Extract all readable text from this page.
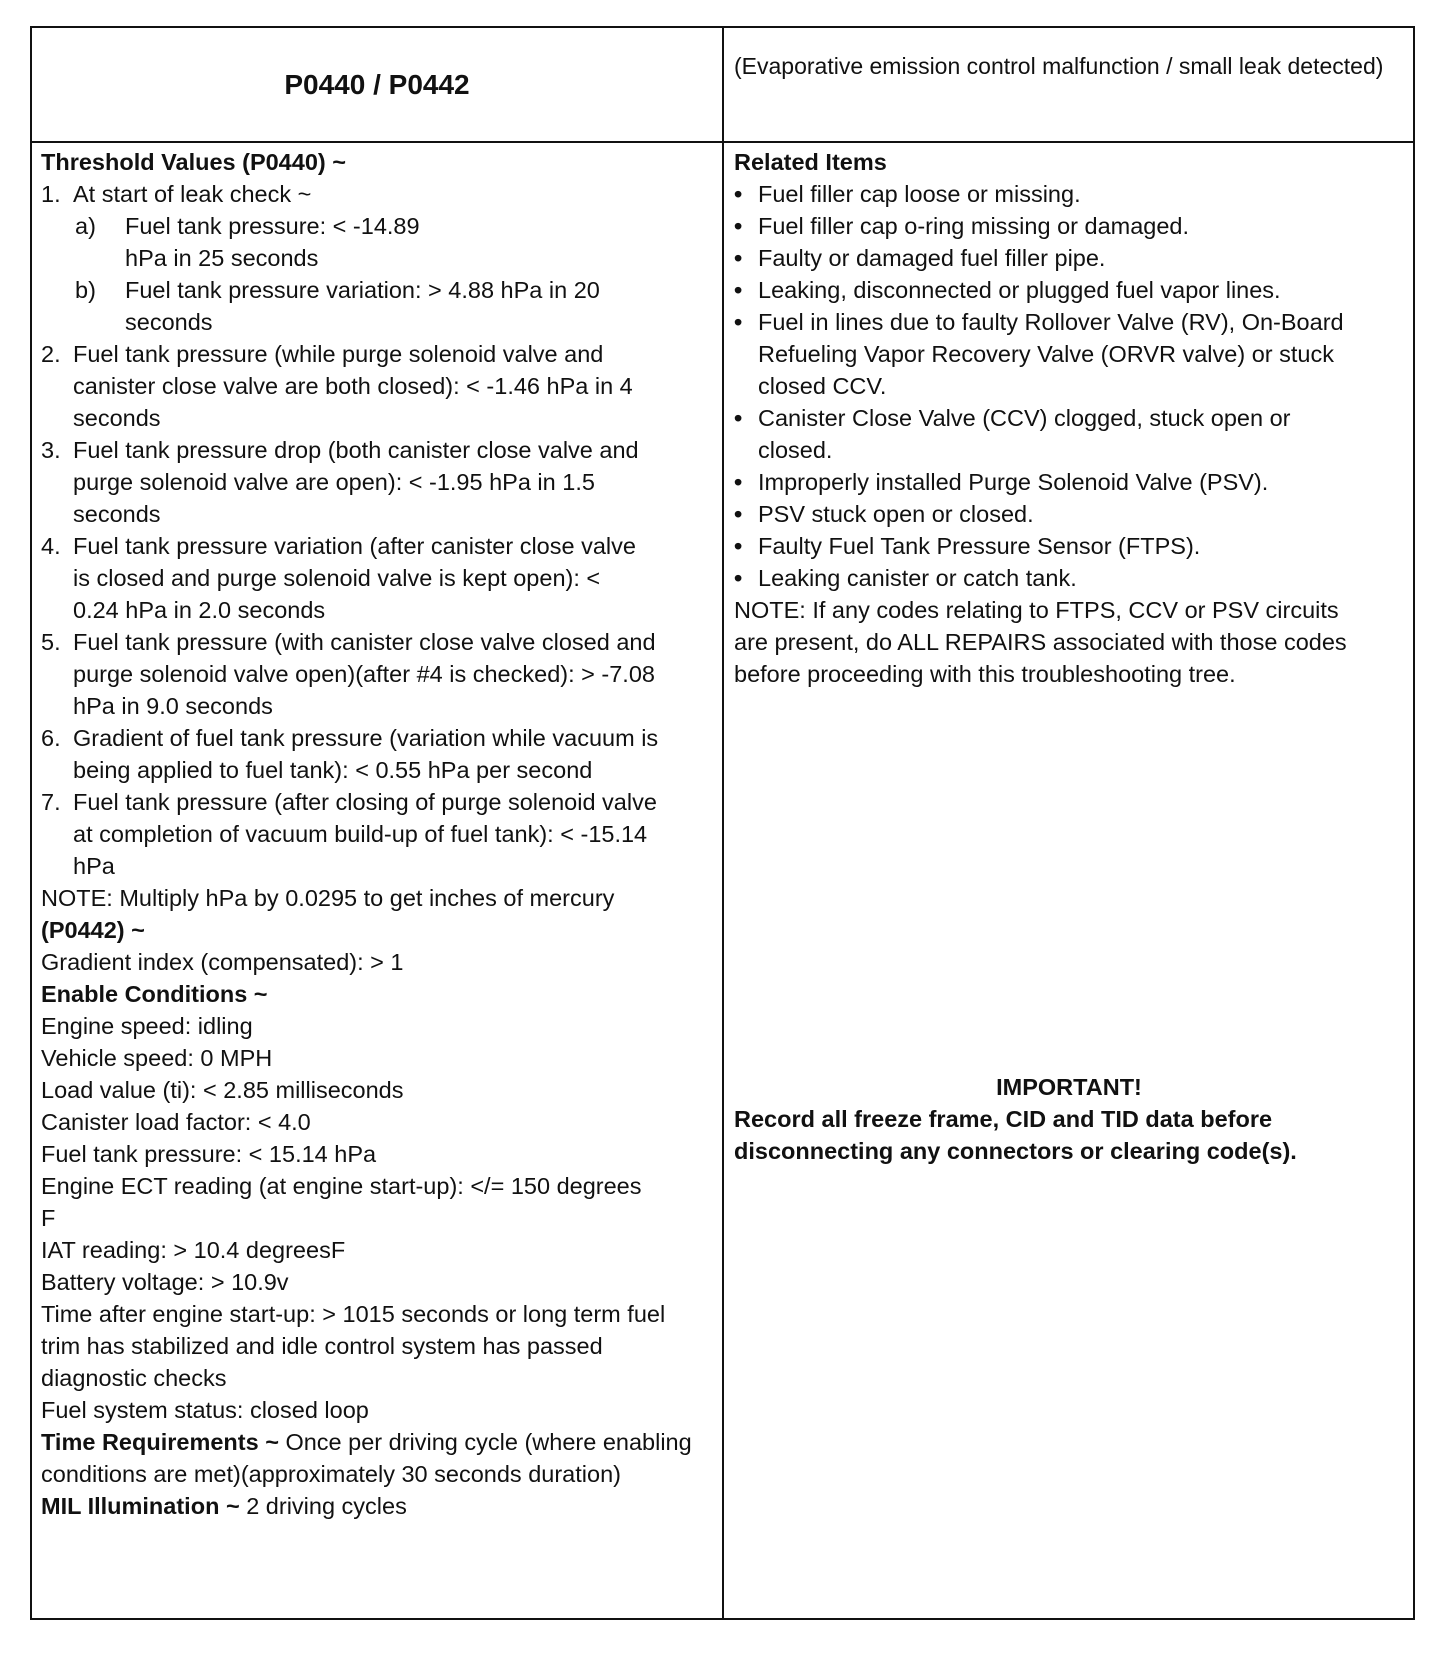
P0440 / P0442
(Evaporative emission control malfunction / small leak detected)
Threshold Values (P0440) ~
1. At start of leak check ~
a)	Fuel tank pressure: < -14.89 hPa in 25 seconds
b)	Fuel tank pressure variation: > 4.88 hPa in 20 seconds
2. Fuel tank pressure (while purge solenoid valve and canister close valve are both closed): < -1.46 hPa in 4 seconds
3. Fuel tank pressure drop (both canister close valve and purge solenoid valve are open): < -1.95 hPa in 1.5 seconds
4. Fuel tank pressure variation (after canister close valve is closed and purge solenoid valve is kept open): < 0.24 hPa in 2.0 seconds
5. Fuel tank pressure (with canister close valve closed and purge solenoid valve open)(after #4 is checked): > -7.08 hPa in 9.0 seconds
6. Gradient of fuel tank pressure (variation while vacuum is being applied to fuel tank): < 0.55 hPa per second
7. Fuel tank pressure (after closing of purge solenoid valve at completion of vacuum build-up of fuel tank): < -15.14 hPa
NOTE: Multiply hPa by 0.0295 to get inches of mercury
(P0442) ~
Gradient index (compensated): > 1
Enable Conditions ~
Engine speed: idling
Vehicle speed: 0 MPH
Load value (ti): < 2.85 milliseconds
Canister load factor: < 4.0
Fuel tank pressure: < 15.14 hPa
Engine ECT reading (at engine start-up): </= 150 degrees F
IAT reading: > 10.4 degreesF
Battery voltage: > 10.9v
Time after engine start-up: > 1015 seconds or long term fuel trim has stabilized and idle control system has passed diagnostic checks
Fuel system status: closed loop
Time Requirements ~ Once per driving cycle (where enabling conditions are met)(approximately 30 seconds duration)
MIL Illumination ~ 2 driving cycles
Related Items
• Fuel filler cap loose or missing.
• Fuel filler cap o-ring missing or damaged.
• Faulty or damaged fuel filler pipe.
• Leaking, disconnected or plugged fuel vapor lines.
• Fuel in lines due to faulty Rollover Valve (RV), On-Board Refueling Vapor Recovery Valve (ORVR valve) or stuck closed CCV.
• Canister Close Valve (CCV) clogged, stuck open or closed.
• Improperly installed Purge Solenoid Valve (PSV).
• PSV stuck open or closed.
• Faulty Fuel Tank Pressure Sensor (FTPS).
• Leaking canister or catch tank.
NOTE: If any codes relating to FTPS, CCV or PSV circuits are present, do ALL REPAIRS associated with those codes before proceeding with this troubleshooting tree.
IMPORTANT!
Record all freeze frame, CID and TID data before disconnecting any connectors or clearing code(s).
